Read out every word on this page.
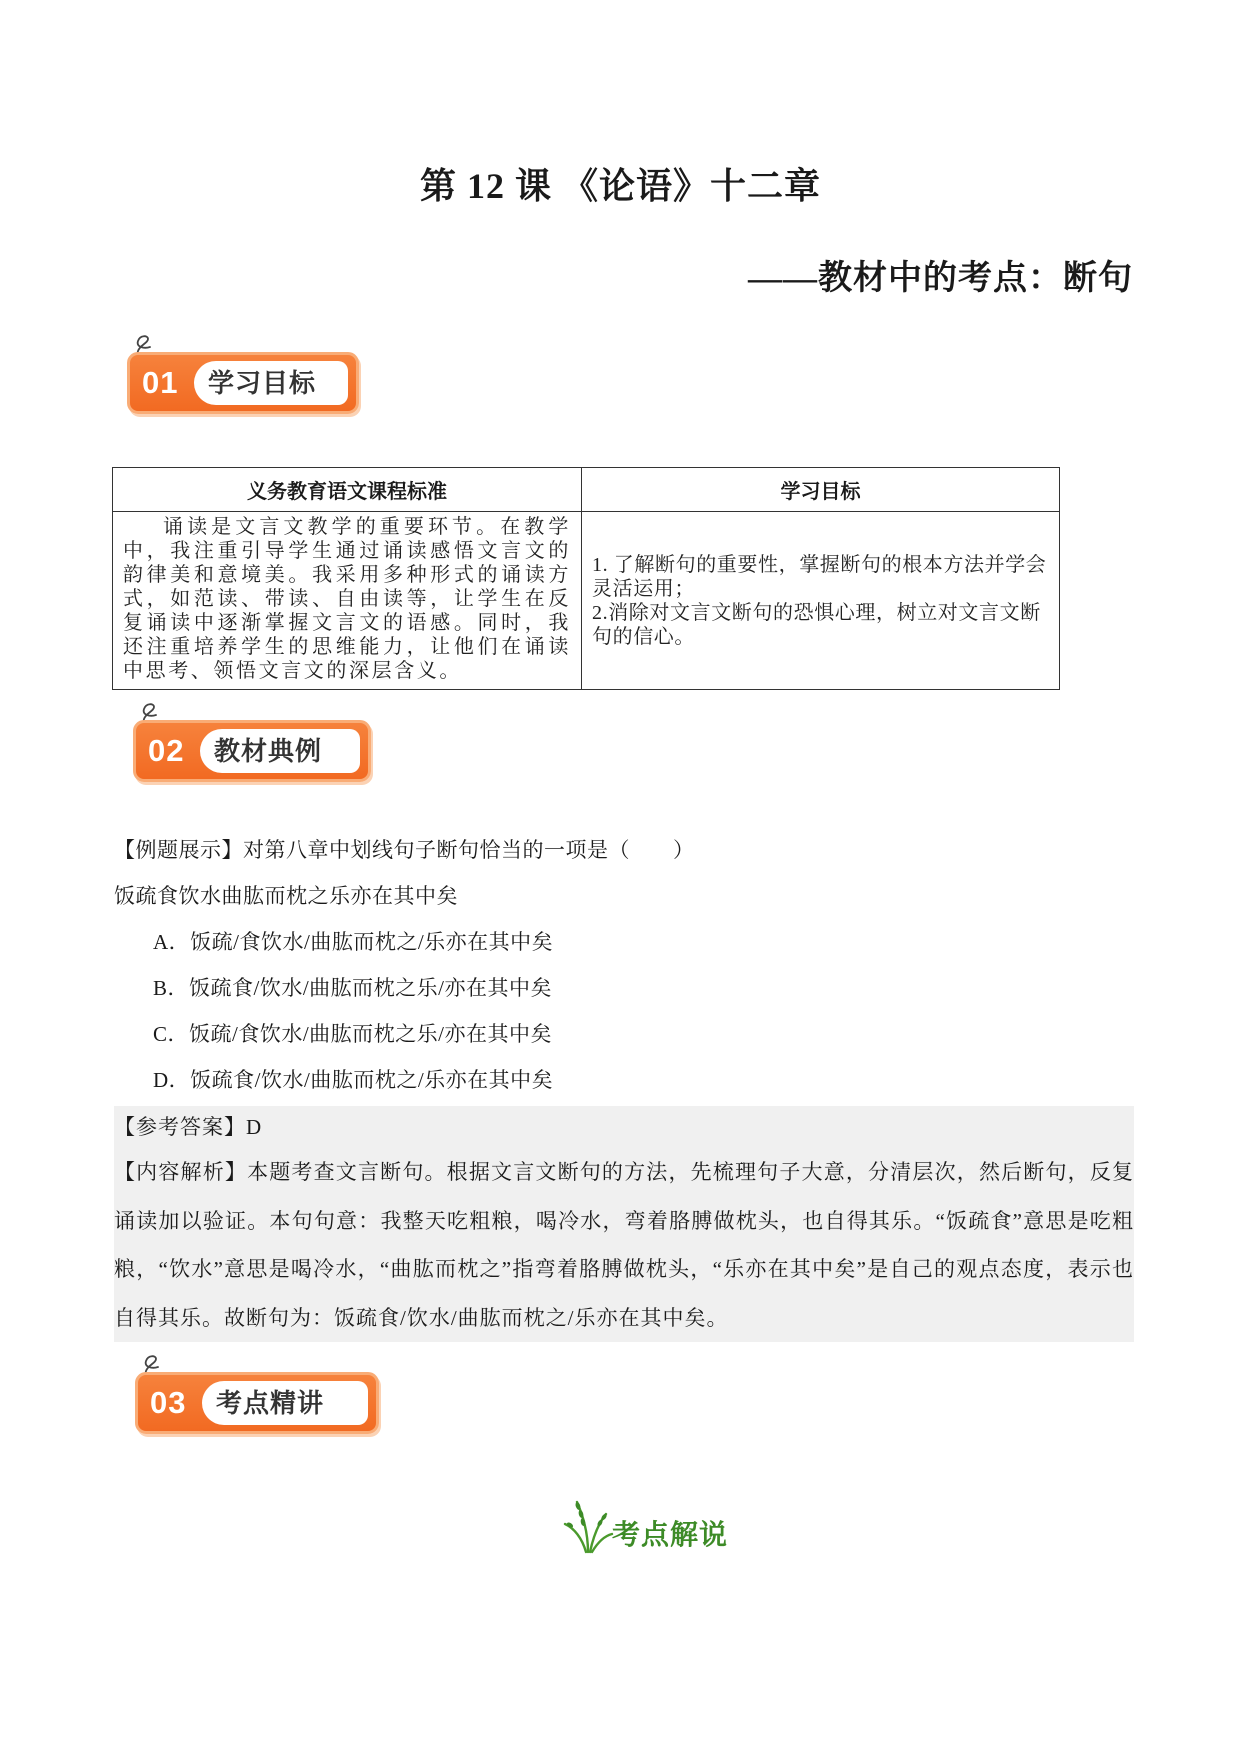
第 12 课 《论语》十二章
——教材中的考点：断句
01 学习目标
义务教育语文课程标准	学习目标

诵读是文言文教学的重要环节。在教学中，我注重引导学生通过诵读感悟文言文的韵律美和意境美。我采用多种形式的诵读方式，如范读、带读、自由读等，让学生在反复诵读中逐渐掌握文言文的语感。同时，我还注重培养学生的思维能力，让他们在诵读中思考、领悟文言文的深层含义。	1. 了解断句的重要性，掌握断句的根本方法并学会灵活运用；
2.消除对文言文断句的恐惧心理，树立对文言文断句的信心。
02 教材典例
【例题展示】对第八章中划线句子断句恰当的一项是（　　）
饭疏食饮水曲肱而枕之乐亦在其中矣
A．饭疏/食饮水/曲肱而枕之/乐亦在其中矣
B．饭疏食/饮水/曲肱而枕之乐/亦在其中矣
C．饭疏/食饮水/曲肱而枕之乐/亦在其中矣
D．饭疏食/饮水/曲肱而枕之/乐亦在其中矣
【参考答案】D
【内容解析】本题考查文言断句。根据文言文断句的方法，先梳理句子大意，分清层次，然后断句，反复诵读加以验证。本句句意：我整天吃粗粮，喝冷水，弯着胳膊做枕头，也自得其乐。“饭疏食”意思是吃粗粮，“饮水”意思是喝冷水，“曲肱而枕之”指弯着胳膊做枕头，“乐亦在其中矣”是自己的观点态度，表示也自得其乐。故断句为：饭疏食/饮水/曲肱而枕之/乐亦在其中矣。
03 考点精讲
考点解说
